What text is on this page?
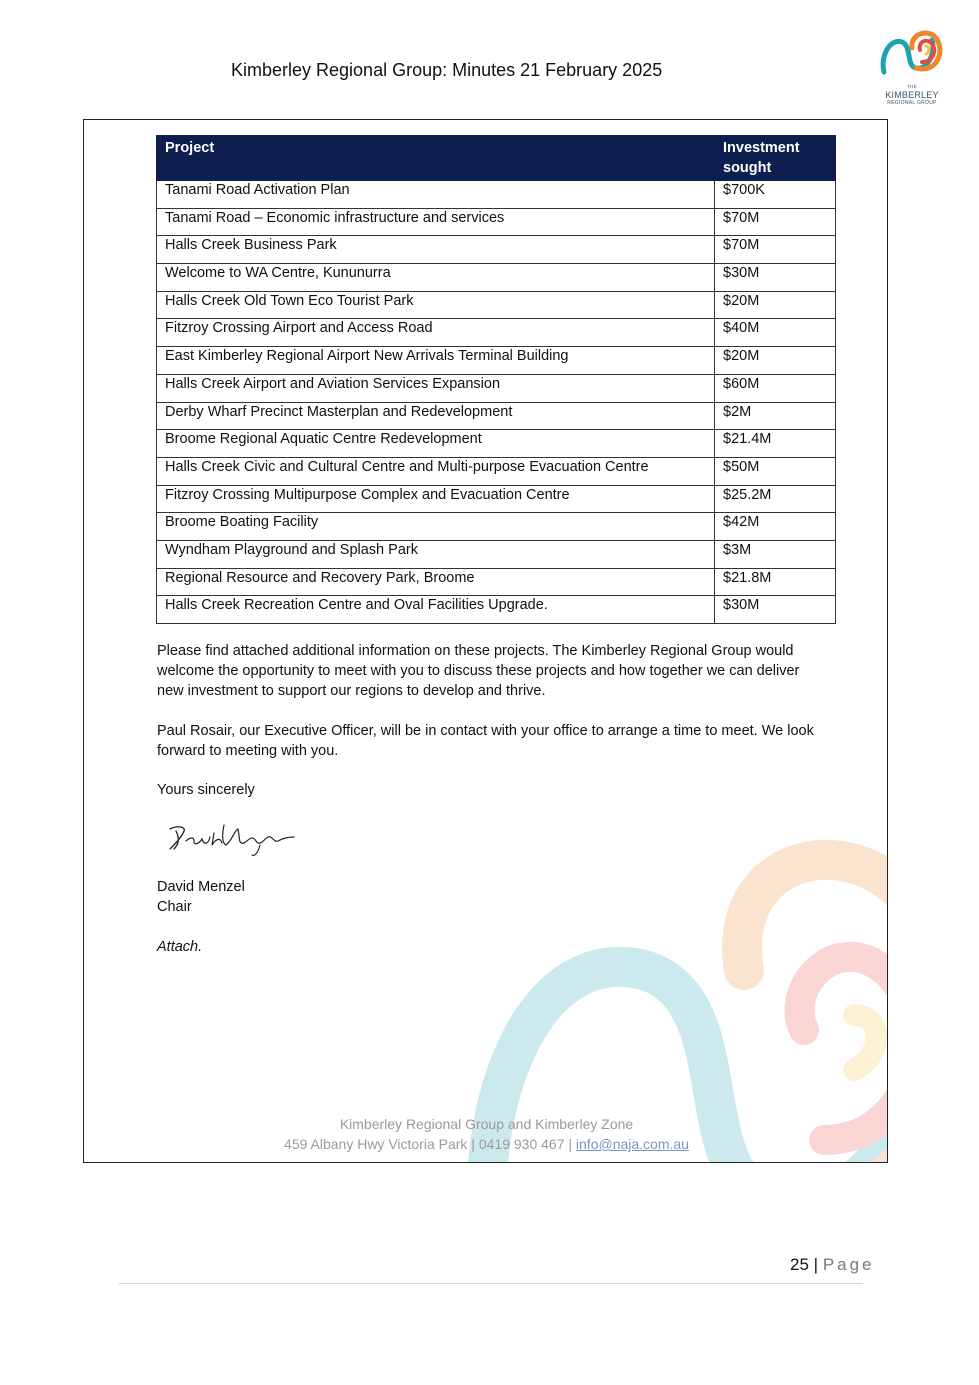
Kimberley Regional Group: Minutes 21 February 2025
THE
KIMBERLEY
REGIONAL GROUP
Project	Investment sought
Tanami Road Activation Plan	$700K
Tanami Road – Economic infrastructure and services	$70M
Halls Creek Business Park	$70M
Welcome to WA Centre, Kununurra	$30M
Halls Creek Old Town Eco Tourist Park	$20M
Fitzroy Crossing Airport and Access Road	$40M
East Kimberley Regional Airport New Arrivals Terminal Building	$20M
Halls Creek Airport and Aviation Services Expansion	$60M
Derby Wharf Precinct Masterplan and Redevelopment	$2M
Broome Regional Aquatic Centre Redevelopment	$21.4M
Halls Creek Civic and Cultural Centre and Multi-purpose Evacuation Centre	$50M
Fitzroy Crossing Multipurpose Complex and Evacuation Centre	$25.2M
Broome Boating Facility	$42M
Wyndham Playground and Splash Park	$3M
Regional Resource and Recovery Park, Broome	$21.8M
Halls Creek Recreation Centre and Oval Facilities Upgrade.	$30M
Please find attached additional information on these projects. The Kimberley Regional Group would welcome the opportunity to meet with you to discuss these projects and how together we can deliver new investment to support our regions to develop and thrive.
Paul Rosair, our Executive Officer, will be in contact with your office to arrange a time to meet. We look forward to meeting with you.
Yours sincerely
David Menzel
Chair
Attach.
Kimberley Regional Group and Kimberley Zone
459 Albany Hwy Victoria Park | 0419 930 467 | info@naja.com.au
25 | Page
